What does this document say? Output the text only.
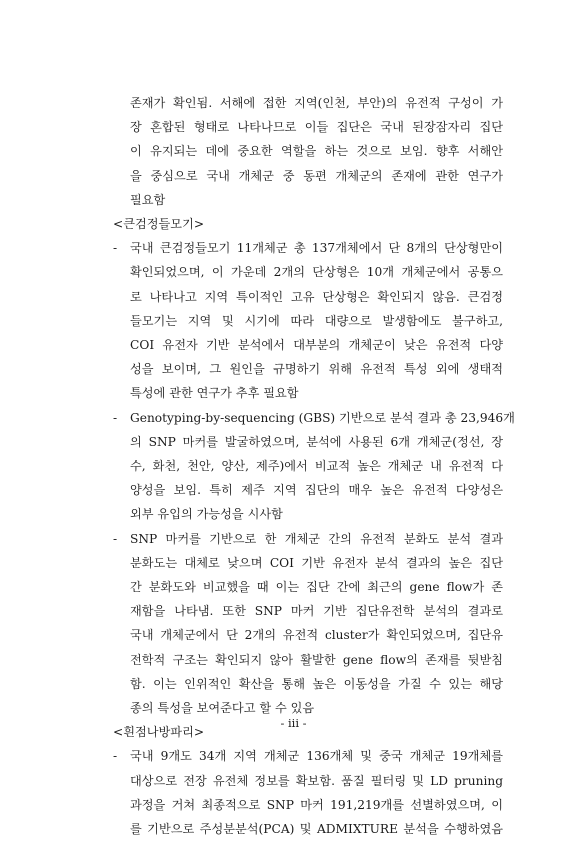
존재가 확인됨. 서해에 접한 지역(인천, 부안)의 유전적 구성이 가
장 혼합된 형태로 나타나므로 이들 집단은 국내 된장잠자리 집단
이 유지되는 데에 중요한 역할을 하는 것으로 보임. 향후 서해안
을 중심으로 국내 개체군 중 동편 개체군의 존재에 관한 연구가
필요함
<큰검정들모기>
- 국내 큰검정들모기 11개체군 총 137개체에서 단 8개의 단상형만이
확인되었으며, 이 가운데 2개의 단상형은 10개 개체군에서 공통으
로 나타나고 지역 특이적인 고유 단상형은 확인되지 않음. 큰검정
들모기는 지역 및 시기에 따라 대량으로 발생함에도 불구하고,
COI 유전자 기반 분석에서 대부분의 개체군이 낮은 유전적 다양
성을 보이며, 그 원인을 규명하기 위해 유전적 특성 외에 생태적
특성에 관한 연구가 추후 필요함
- Genotyping-by-sequencing (GBS) 기반으로 분석 결과 총 23,946개
의 SNP 마커를 발굴하였으며, 분석에 사용된 6개 개체군(정선, 장
수, 화천, 천안, 양산, 제주)에서 비교적 높은 개체군 내 유전적 다
양성을 보임. 특히 제주 지역 집단의 매우 높은 유전적 다양성은
외부 유입의 가능성을 시사함
- SNP 마커를 기반으로 한 개체군 간의 유전적 분화도 분석 결과
분화도는 대체로 낮으며 COI 기반 유전자 분석 결과의 높은 집단
간 분화도와 비교했을 때 이는 집단 간에 최근의 gene flow가 존
재함을 나타냄. 또한 SNP 마커 기반 집단유전학 분석의 결과로
국내 개체군에서 단 2개의 유전적 cluster가 확인되었으며, 집단유
전학적 구조는 확인되지 않아 활발한 gene flow의 존재를 뒷받침
함. 이는 인위적인 확산을 통해 높은 이동성을 가질 수 있는 해당
종의 특성을 보여준다고 할 수 있음
<흰점나방파리>
- 국내 9개도 34개 지역 개체군 136개체 및 중국 개체군 19개체를
대상으로 전장 유전체 정보를 확보함. 품질 필터링 및 LD pruning
과정을 거쳐 최종적으로 SNP 마커 191,219개를 선별하였으며, 이
를 기반으로 주성분분석(PCA) 및 ADMIXTURE 분석을 수행하였음
- iii -
